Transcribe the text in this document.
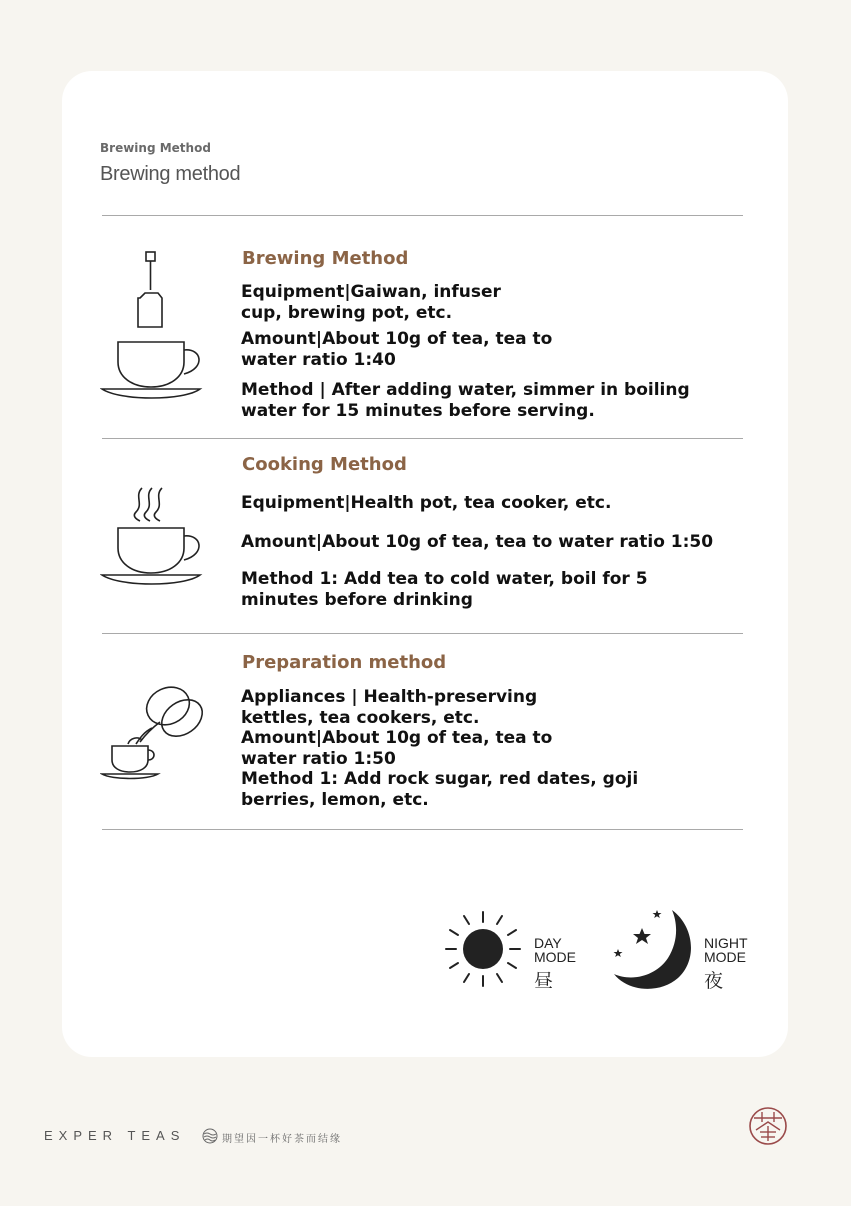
Brewing Method
Brewing method
Brewing Method
Equipment|Gaiwan, infuser cup, brewing pot, etc.
Amount|About 10g of tea, tea to water ratio 1:40
Method | After adding water, simmer in boiling water for 15 minutes before serving.
Cooking Method
Equipment|Health pot, tea cooker, etc.
Amount|About 10g of tea, tea to water ratio 1:50
Method 1: Add tea to cold water, boil for 5 minutes before drinking
Preparation method
Appliances | Health-preserving kettles, tea cookers, etc.
Amount|About 10g of tea, tea to water ratio 1:50
Method 1: Add rock sugar, red dates, goji berries, lemon, etc.
DAY
MODE
昼
NIGHT
MODE
夜
EXPER TEAS	期望因一杯好茶而结缘
